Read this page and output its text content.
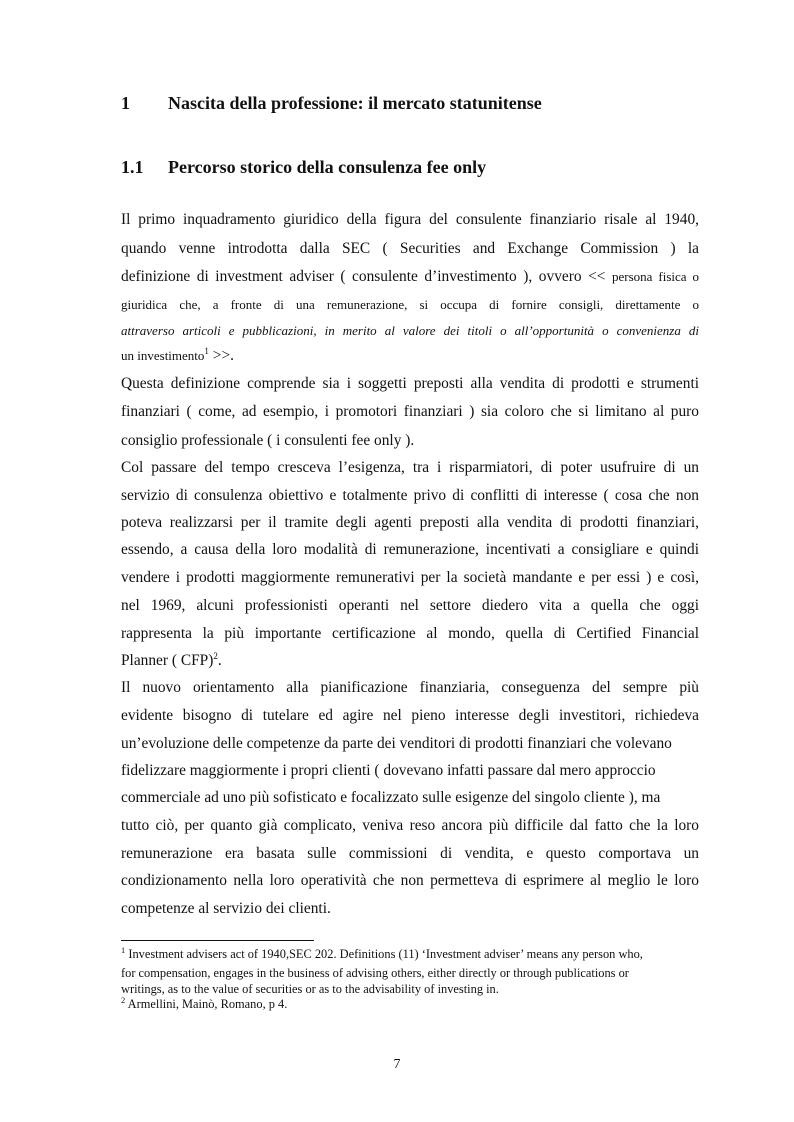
1 Nascita della professione: il mercato statunitense
1.1 Percorso storico della consulenza fee only

Il primo inquadramento giuridico della figura del consulente finanziario risale al 1940,

quando venne introdotta dalla SEC ( Securities and Exchange Commission ) la

definizione di investment adviser ( consulente d’investimento ), ovvero << persona fisica o

giuridica che, a fronte di una remunerazione, si occupa di fornire consigli, direttamente o

attraverso articoli e pubblicazioni, in merito al valore dei titoli o all’opportunità o convenienza di

un investimento$^1$ >>.

Questa definizione comprende sia i soggetti preposti alla vendita di prodotti e strumenti

finanziari ( come, ad esempio, i promotori finanziari ) sia coloro che si limitano al puro

consiglio professionale ( i consulenti fee only ).

Col passare del tempo cresceva l’esigenza, tra i risparmiatori, di poter usufruire di un

servizio di consulenza obiettivo e totalmente privo di conflitti di interesse ( cosa che non

poteva realizzarsi per il tramite degli agenti preposti alla vendita di prodotti finanziari,

essendo, a causa della loro modalità di remunerazione, incentivati a consigliare e quindi

vendere i prodotti maggiormente remunerativi per la società mandante e per essi ) e così,

nel 1969, alcuni professionisti operanti nel settore diedero vita a quella che oggi

rappresenta la più importante certificazione al mondo, quella di Certified Financial

Planner ( CFP)$^2$.

Il nuovo orientamento alla pianificazione finanziaria, conseguenza del sempre più

evidente bisogno di tutelare ed agire nel pieno interesse degli investitori, richiedeva

un’evoluzione delle competenze da parte dei venditori di prodotti finanziari che volevano

fidelizzare maggiormente i propri clienti ( dovevano infatti passare dal mero approccio

commerciale ad uno più sofisticato e focalizzato sulle esigenze del singolo cliente ), ma

tutto ciò, per quanto già complicato, veniva reso ancora più difficile dal fatto che la loro

remunerazione era basata sulle commissioni di vendita, e questo comportava un

condizionamento nella loro operatività che non permetteva di esprimere al meglio le loro

competenze al servizio dei clienti.

$^1$ Investment advisers act of 1940,SEC 202. Definitions (11) ‘Investment adviser’ means any person who,

for compensation, engages in the business of advising others, either directly or through publications or

writings, as to the value of securities or as to the advisability of investing in.

$^2$ Armellini, Mainò, Romano, p 4.

7
